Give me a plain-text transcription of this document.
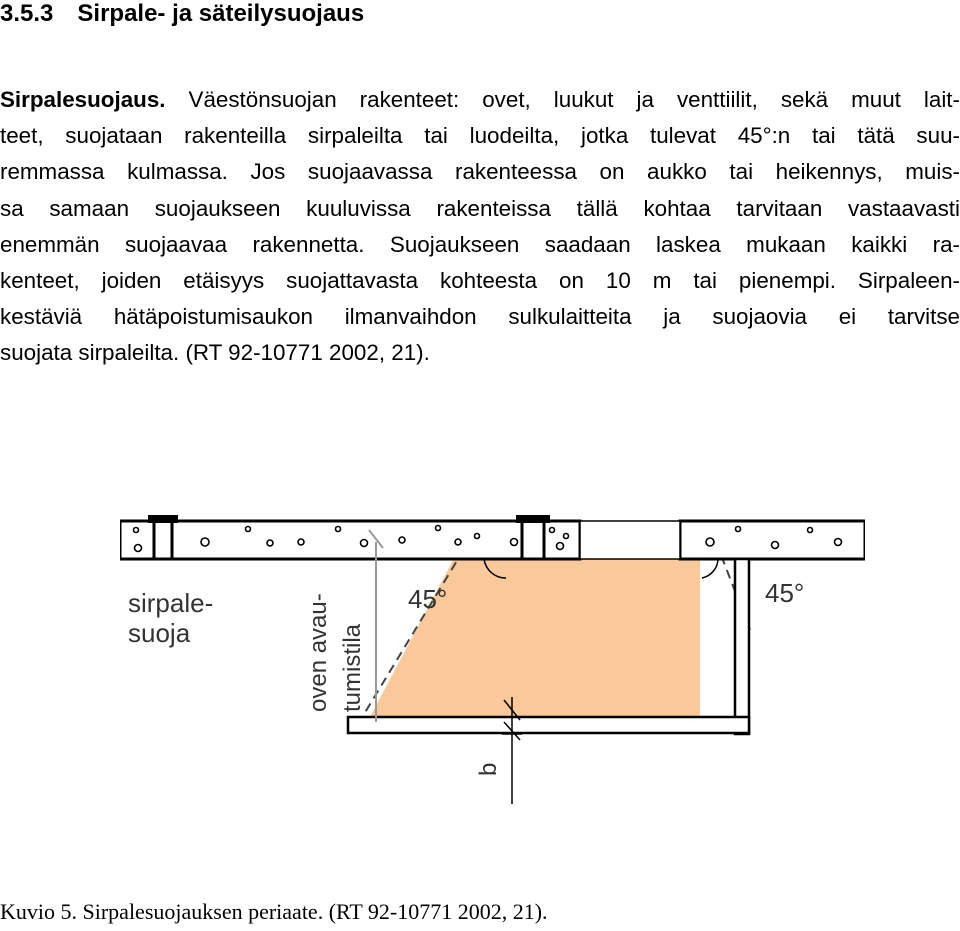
3.5.3 Sirpale- ja säteilysuojaus
Sirpalesuojaus. Väestönsuojan rakenteet: ovet, luukut ja venttiilit, sekä muut lait-
teet, suojataan rakenteilla sirpaleilta tai luodeilta, jotka tulevat 45°:n tai tätä suu-
remmassa kulmassa. Jos suojaavassa rakenteessa on aukko tai heikennys, muis-
sa samaan suojaukseen kuuluvissa rakenteissa tällä kohtaa tarvitaan vastaavasti
enemmän suojaavaa rakennetta. Suojaukseen saadaan laskea mukaan kaikki ra-
kenteet, joiden etäisyys suojattavasta kohteesta on 10 m tai pienempi. Sirpaleen-
kestäviä hätäpoistumisaukon ilmanvaihdon sulkulaitteita ja suojaovia ei tarvitse
suojata sirpaleilta. (RT 92-10771 2002, 21).
sirpale-
suoja
45°	45°
oven avau- tumistila
b
Kuvio 5. Sirpalesuojauksen periaate. (RT 92-10771 2002, 21).
